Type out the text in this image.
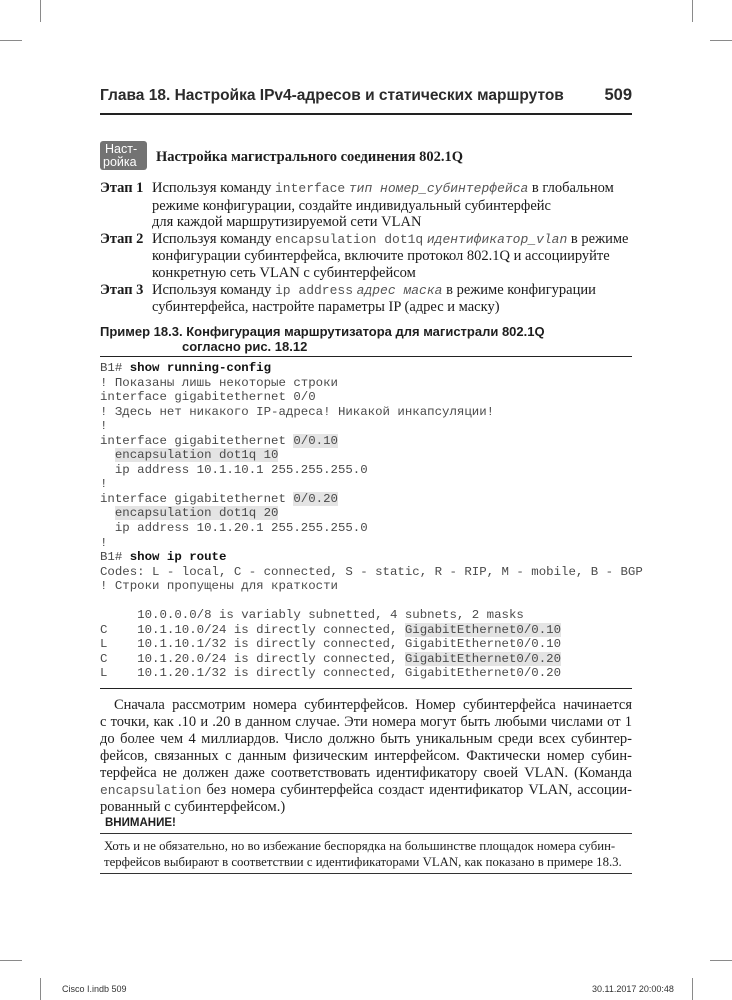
Глава 18. Настройка IPv4-адресов и статических маршрутов 509
Наст-
ройка	Настройка магистрального соединения 802.1Q
Этап 1 Используя команду interface тип номер_субинтерфейса в глобальном
режиме конфигурации, создайте индивидуальный субинтерфейс
для каждой маршрутизируемой сети VLAN
Этап 2 Используя команду encapsulation dot1q идентификатор_vlan в режиме
конфигурации субинтерфейса, включите протокол 802.1Q и ассоциируйте
конкретную сеть VLAN с субинтерфейсом
Этап 3 Используя команду ip address адрес маска в режиме конфигурации
субинтерфейса, настройте параметры IP (адрес и маску)
Пример 18.3. Конфигурация маршрутизатора для магистрали 802.1Q
согласно рис. 18.12
B1# show running-config
! Показаны лишь некоторые строки
interface gigabitethernet 0/0
! Здесь нет никакого IP-адреса! Никакой инкапсуляции!
!
interface gigabitethernet 0/0.10
encapsulation dot1q 10
ip address 10.1.10.1 255.255.255.0
!
interface gigabitethernet 0/0.20
encapsulation dot1q 20
ip address 10.1.20.1 255.255.255.0
!
B1# show ip route
Codes: L - local, C - connected, S - static, R - RIP, M - mobile, B - BGP
! Строки пропущены для краткости
10.0.0.0/8 is variably subnetted, 4 subnets, 2 masks
C    10.1.10.0/24 is directly connected, GigabitEthernet0/0.10
L    10.1.10.1/32 is directly connected, GigabitEthernet0/0.10
C    10.1.20.0/24 is directly connected, GigabitEthernet0/0.20
L    10.1.20.1/32 is directly connected, GigabitEthernet0/0.20
Сначала рассмотрим номера субинтерфейсов. Номер субинтерфейса начинается
с точки, как .10 и .20 в данном случае. Эти номера могут быть любыми числами от 1
до более чем 4 миллиардов. Число должно быть уникальным среди всех субинтер-
фейсов, связанных с данным физическим интерфейсом. Фактически номер субин-
терфейса не должен даже соответствовать идентификатору своей VLAN. (Команда
encapsulation без номера субинтерфейса создаст идентификатор VLAN, ассоции-
рованный с субинтерфейсом.)
ВНИМАНИЕ!
Хоть и не обязательно, но во избежание беспорядка на большинстве площадок номера субин-
терфейсов выбирают в соответствии с идентификаторами VLAN, как показано в примере 18.3.
Cisco I.indb 509	30.11.2017 20:00:48
